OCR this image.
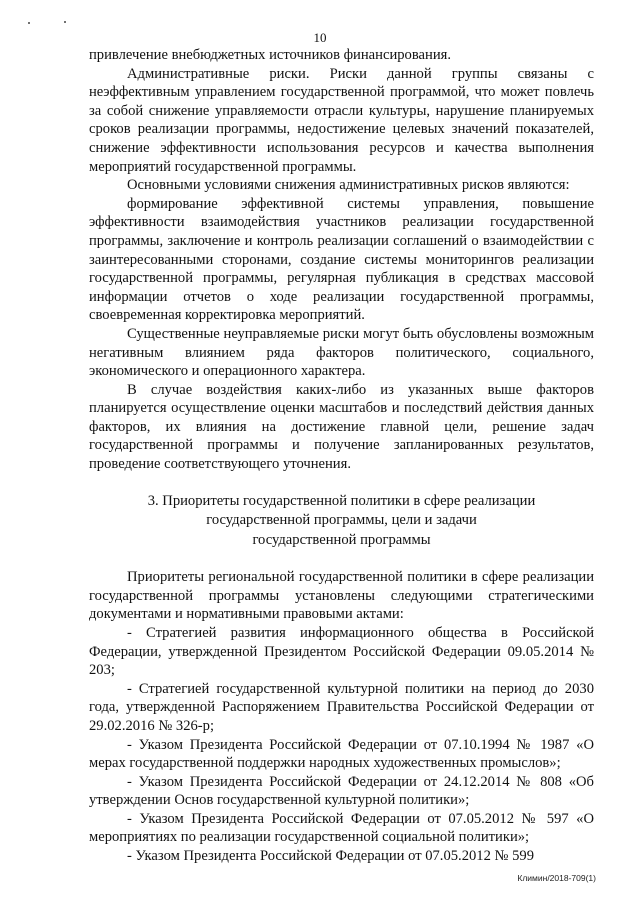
10

привлечение внебюджетных источников финансирования.

Административные риски. Риски данной группы связаны с неэффективным управлением государственной программой, что может повлечь за собой снижение управляемости отрасли культуры, нарушение планируемых сроков реализации программы, недостижение целевых значений показателей, снижение эффективности использования ресурсов и качества выполнения мероприятий государственной программы.

Основными условиями снижения административных рисков являются:

формирование эффективной системы управления, повышение эффективности взаимодействия участников реализации государственной программы, заключение и контроль реализации соглашений о взаимодействии с заинтересованными сторонами, создание системы мониторингов реализации государственной программы, регулярная публикация в средствах массовой информации отчетов о ходе реализации государственной программы, своевременная корректировка мероприятий.

Существенные неуправляемые риски могут быть обусловлены возможным негативным влиянием ряда факторов политического, социального, экономического и операционного характера.

В случае воздействия каких-либо из указанных выше факторов планируется осуществление оценки масштабов и последствий действия данных факторов, их влияния на достижение главной цели, решение задач государственной программы и получение запланированных результатов, проведение соответствующего уточнения.

3. Приоритеты государственной политики в сфере реализации
государственной программы, цели и задачи
государственной программы

Приоритеты региональной государственной политики в сфере реализации государственной программы установлены следующими стратегическими документами и нормативными правовыми актами:

- Стратегией развития информационного общества в Российской Федерации, утвержденной Президентом Российской Федерации 09.05.2014 № 203;

- Стратегией государственной культурной политики на период до 2030 года, утвержденной Распоряжением Правительства Российской Федерации от 29.02.2016 № 326-р;

- Указом Президента Российской Федерации от 07.10.1994 № 1987 «О мерах государственной поддержки народных художественных промыслов»;

- Указом Президента Российской Федерации от 24.12.2014 № 808 «Об утверждении Основ государственной культурной политики»;

- Указом Президента Российской Федерации от 07.05.2012 № 597 «О мероприятиях по реализации государственной социальной политики»;

- Указом Президента Российской Федерации от 07.05.2012 № 599

Климин/2018-709(1)
